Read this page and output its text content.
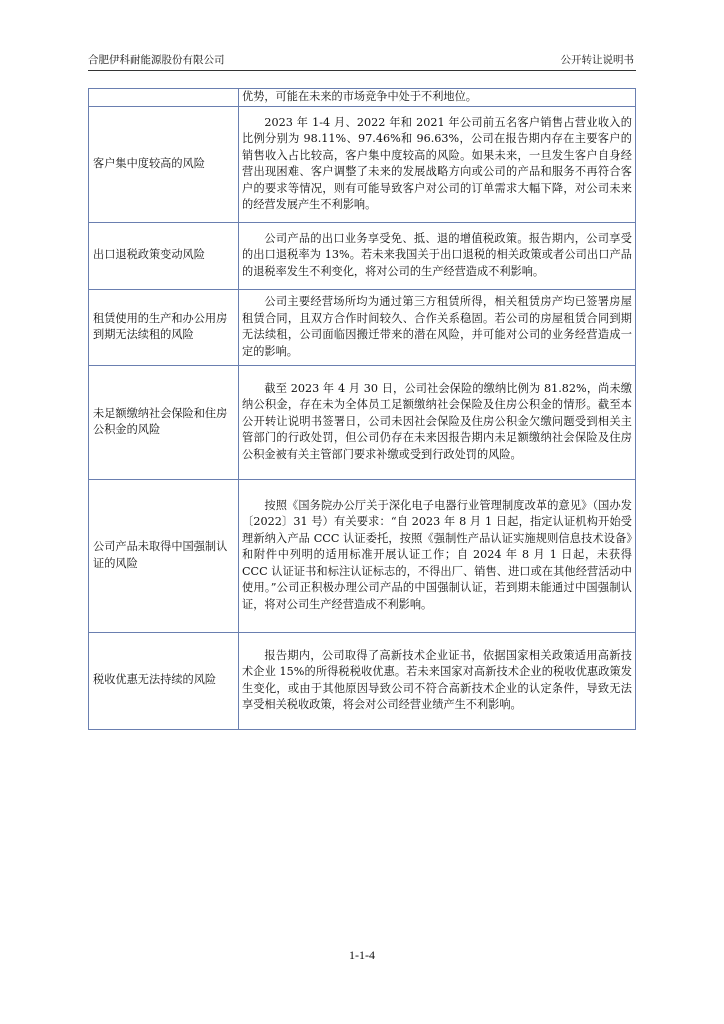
合肥伊科耐能源股份有限公司	公开转让说明书
	优势，可能在未来的市场竞争中处于不利地位。
客户集中度较高的风险	2023 年 1-4 月、2022 年和 2021 年公司前五名客户销售占营业收入的比例分别为 98.11%、97.46%和 96.63%，公司在报告期内存在主要客户的销售收入占比较高，客户集中度较高的风险。如果未来，一旦发生客户自身经营出现困难、客户调整了未来的发展战略方向或公司的产品和服务不再符合客户的要求等情况，则有可能导致客户对公司的订单需求大幅下降，对公司未来的经营发展产生不利影响。
出口退税政策变动风险	公司产品的出口业务享受免、抵、退的增值税政策。报告期内，公司享受的出口退税率为 13%。若未来我国关于出口退税的相关政策或者公司出口产品的退税率发生不利变化，将对公司的生产经营造成不利影响。
租赁使用的生产和办公用房到期无法续租的风险	公司主要经营场所均为通过第三方租赁所得，相关租赁房产均已签署房屋租赁合同，且双方合作时间较久、合作关系稳固。若公司的房屋租赁合同到期无法续租，公司面临因搬迁带来的潜在风险，并可能对公司的业务经营造成一定的影响。
未足额缴纳社会保险和住房公积金的风险	截至 2023 年 4 月 30 日，公司社会保险的缴纳比例为 81.82%，尚未缴纳公积金，存在未为全体员工足额缴纳社会保险及住房公积金的情形。截至本公开转让说明书签署日，公司未因社会保险及住房公积金欠缴问题受到相关主管部门的行政处罚，但公司仍存在未来因报告期内未足额缴纳社会保险及住房公积金被有关主管部门要求补缴或受到行政处罚的风险。
公司产品未取得中国强制认证的风险	按照《国务院办公厅关于深化电子电器行业管理制度改革的意见》（国办发〔2022〕31 号）有关要求：“自 2023 年 8 月 1 日起，指定认证机构开始受理新纳入产品 CCC 认证委托，按照《强制性产品认证实施规则信息技术设备》和附件中列明的适用标准开展认证工作；自 2024 年 8 月 1 日起，未获得 CCC 认证证书和标注认证标志的，不得出厂、销售、进口或在其他经营活动中使用。”公司正积极办理公司产品的中国强制认证，若到期未能通过中国强制认证，将对公司生产经营造成不利影响。
税收优惠无法持续的风险	报告期内，公司取得了高新技术企业证书，依据国家相关政策适用高新技术企业 15%的所得税税收优惠。若未来国家对高新技术企业的税收优惠政策发生变化，或由于其他原因导致公司不符合高新技术企业的认定条件，导致无法享受相关税收政策，将会对公司经营业绩产生不利影响。
1-1-4
